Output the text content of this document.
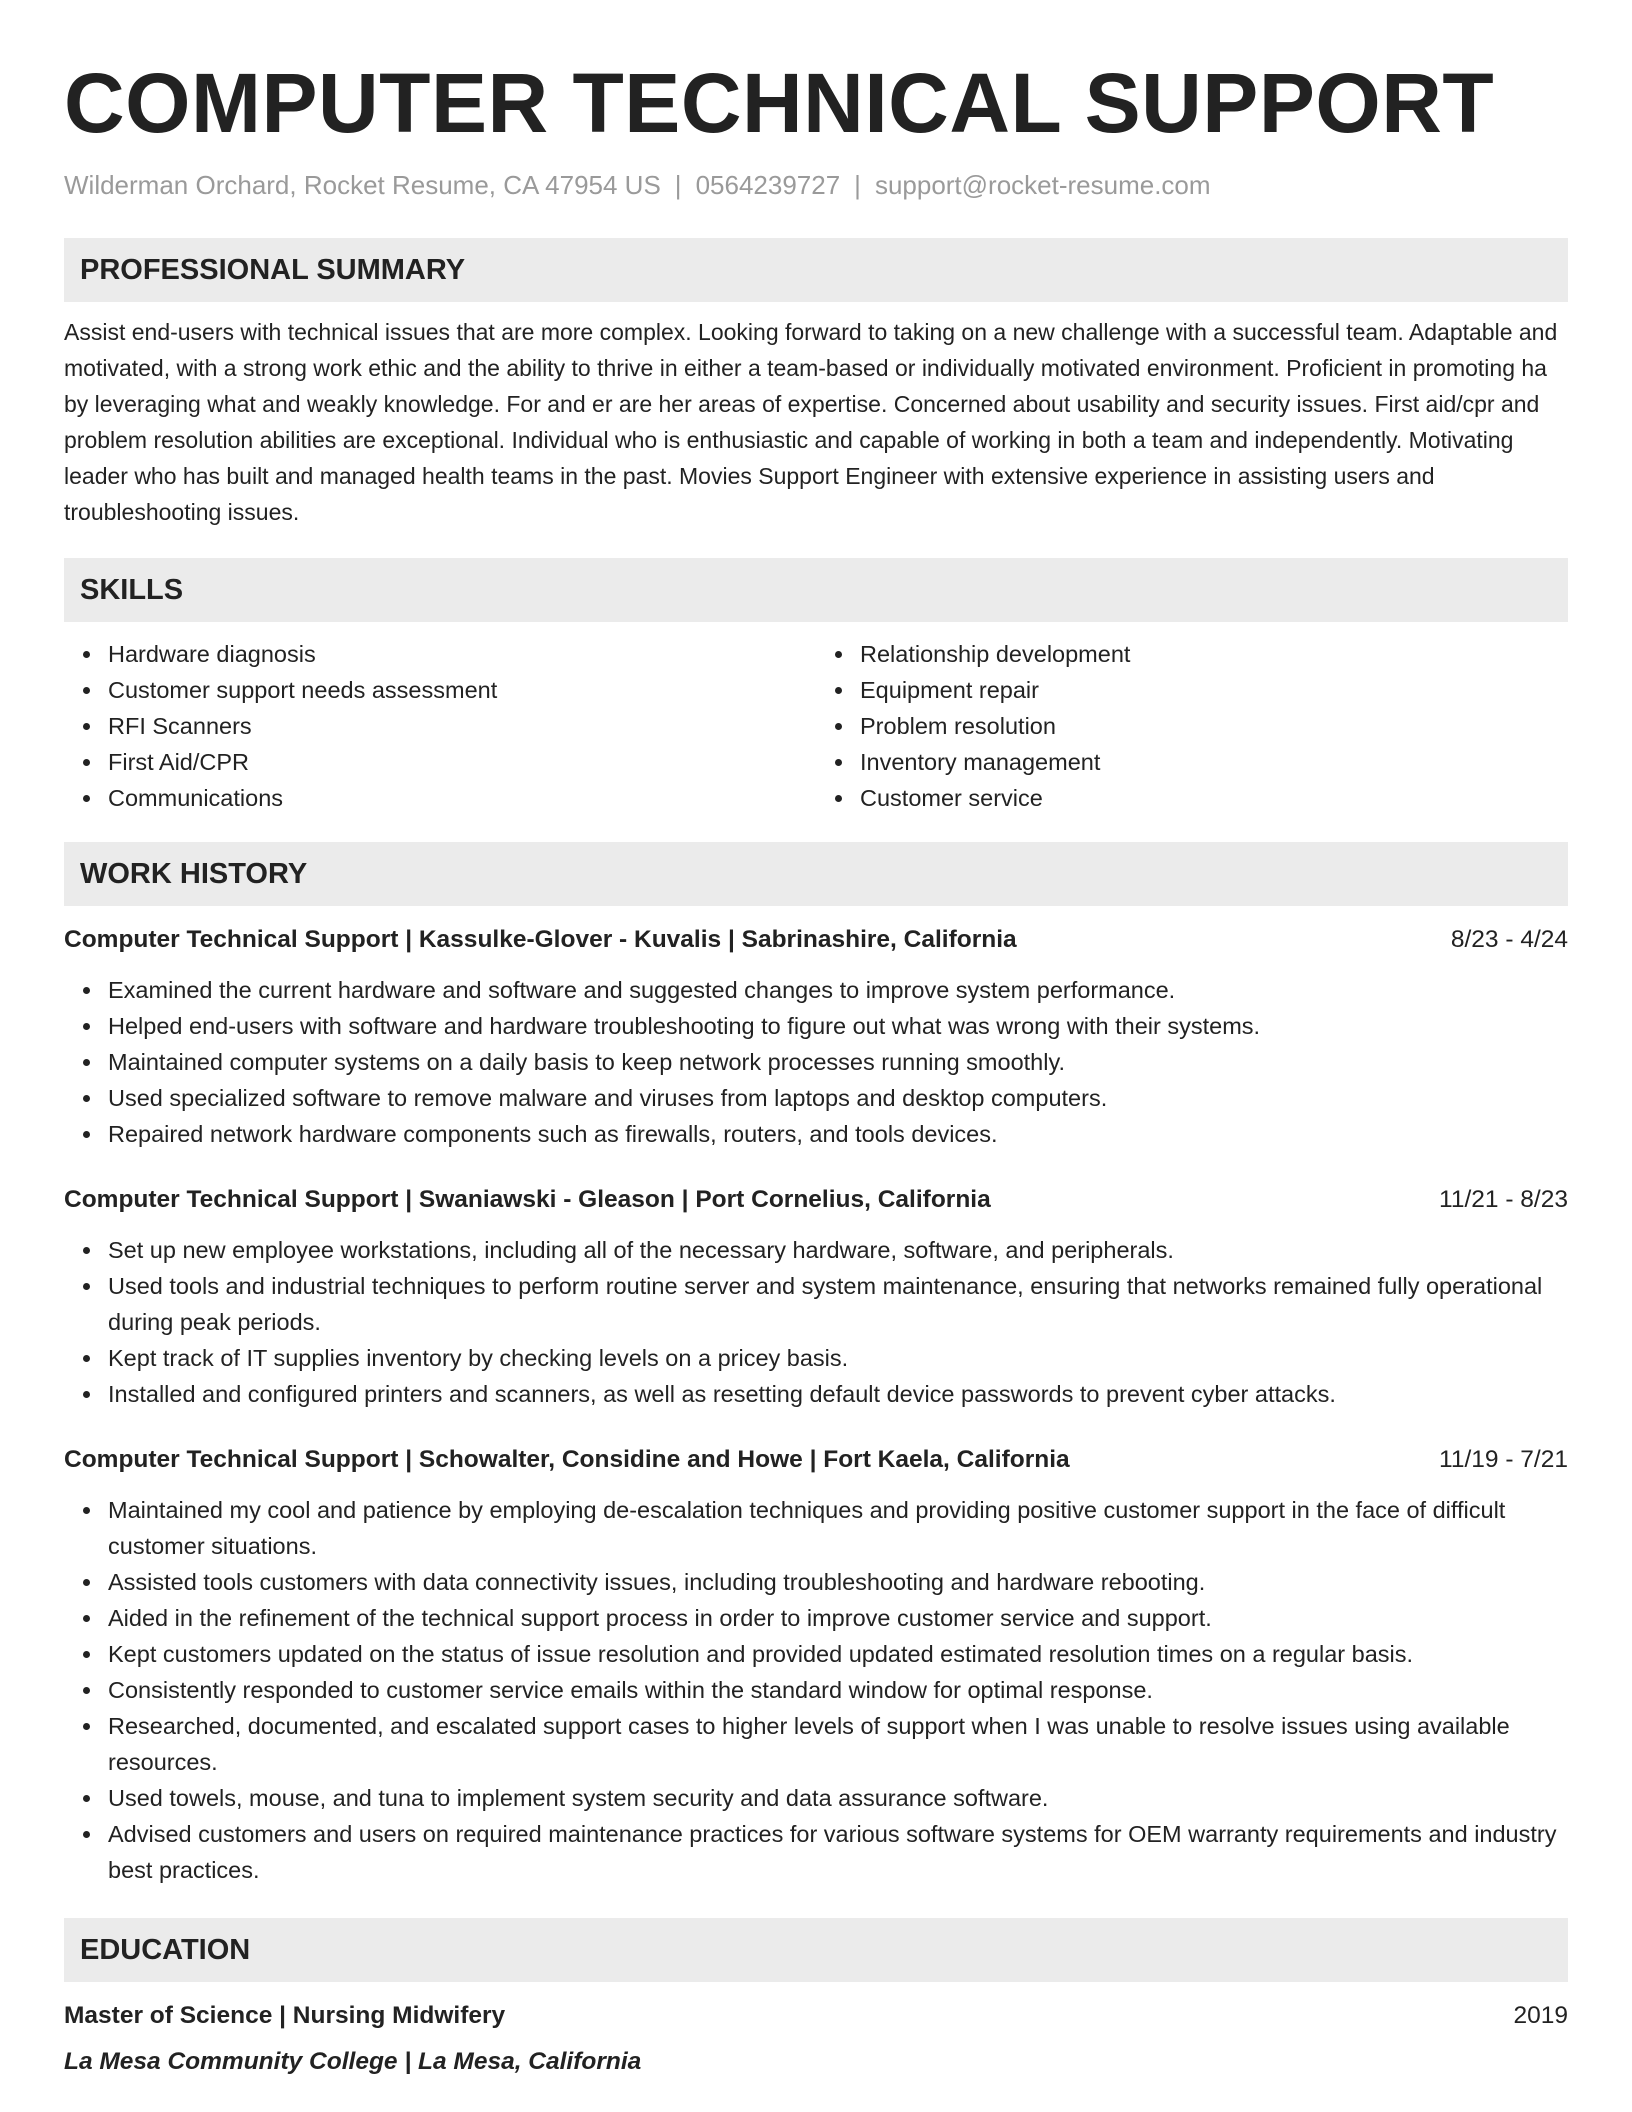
COMPUTER TECHNICAL SUPPORT
Wilderman Orchard, Rocket Resume, CA 47954 US | 0564239727 | support@rocket-resume.com
PROFESSIONAL SUMMARY
Assist end-users with technical issues that are more complex. Looking forward to taking on a new challenge with a successful team. Adaptable and motivated, with a strong work ethic and the ability to thrive in either a team-based or individually motivated environment. Proficient in promoting ha by leveraging what and weakly knowledge. For and er are her areas of expertise. Concerned about usability and security issues. First aid/cpr and problem resolution abilities are exceptional. Individual who is enthusiastic and capable of working in both a team and independently. Motivating leader who has built and managed health teams in the past. Movies Support Engineer with extensive experience in assisting users and troubleshooting issues.
SKILLS
Hardware diagnosis
Customer support needs assessment
RFI Scanners
First Aid/CPR
Communications
Relationship development
Equipment repair
Problem resolution
Inventory management
Customer service
WORK HISTORY
Computer Technical Support | Kassulke-Glover - Kuvalis | Sabrinashire, California	8/23 - 4/24
Examined the current hardware and software and suggested changes to improve system performance.
Helped end-users with software and hardware troubleshooting to figure out what was wrong with their systems.
Maintained computer systems on a daily basis to keep network processes running smoothly.
Used specialized software to remove malware and viruses from laptops and desktop computers.
Repaired network hardware components such as firewalls, routers, and tools devices.
Computer Technical Support | Swaniawski - Gleason | Port Cornelius, California	11/21 - 8/23
Set up new employee workstations, including all of the necessary hardware, software, and peripherals.
Used tools and industrial techniques to perform routine server and system maintenance, ensuring that networks remained fully operational during peak periods.
Kept track of IT supplies inventory by checking levels on a pricey basis.
Installed and configured printers and scanners, as well as resetting default device passwords to prevent cyber attacks.
Computer Technical Support | Schowalter, Considine and Howe | Fort Kaela, California	11/19 - 7/21
Maintained my cool and patience by employing de-escalation techniques and providing positive customer support in the face of difficult customer situations.
Assisted tools customers with data connectivity issues, including troubleshooting and hardware rebooting.
Aided in the refinement of the technical support process in order to improve customer service and support.
Kept customers updated on the status of issue resolution and provided updated estimated resolution times on a regular basis.
Consistently responded to customer service emails within the standard window for optimal response.
Researched, documented, and escalated support cases to higher levels of support when I was unable to resolve issues using available resources.
Used towels, mouse, and tuna to implement system security and data assurance software.
Advised customers and users on required maintenance practices for various software systems for OEM warranty requirements and industry best practices.
EDUCATION
Master of Science | Nursing Midwifery	2019
La Mesa Community College | La Mesa, California
